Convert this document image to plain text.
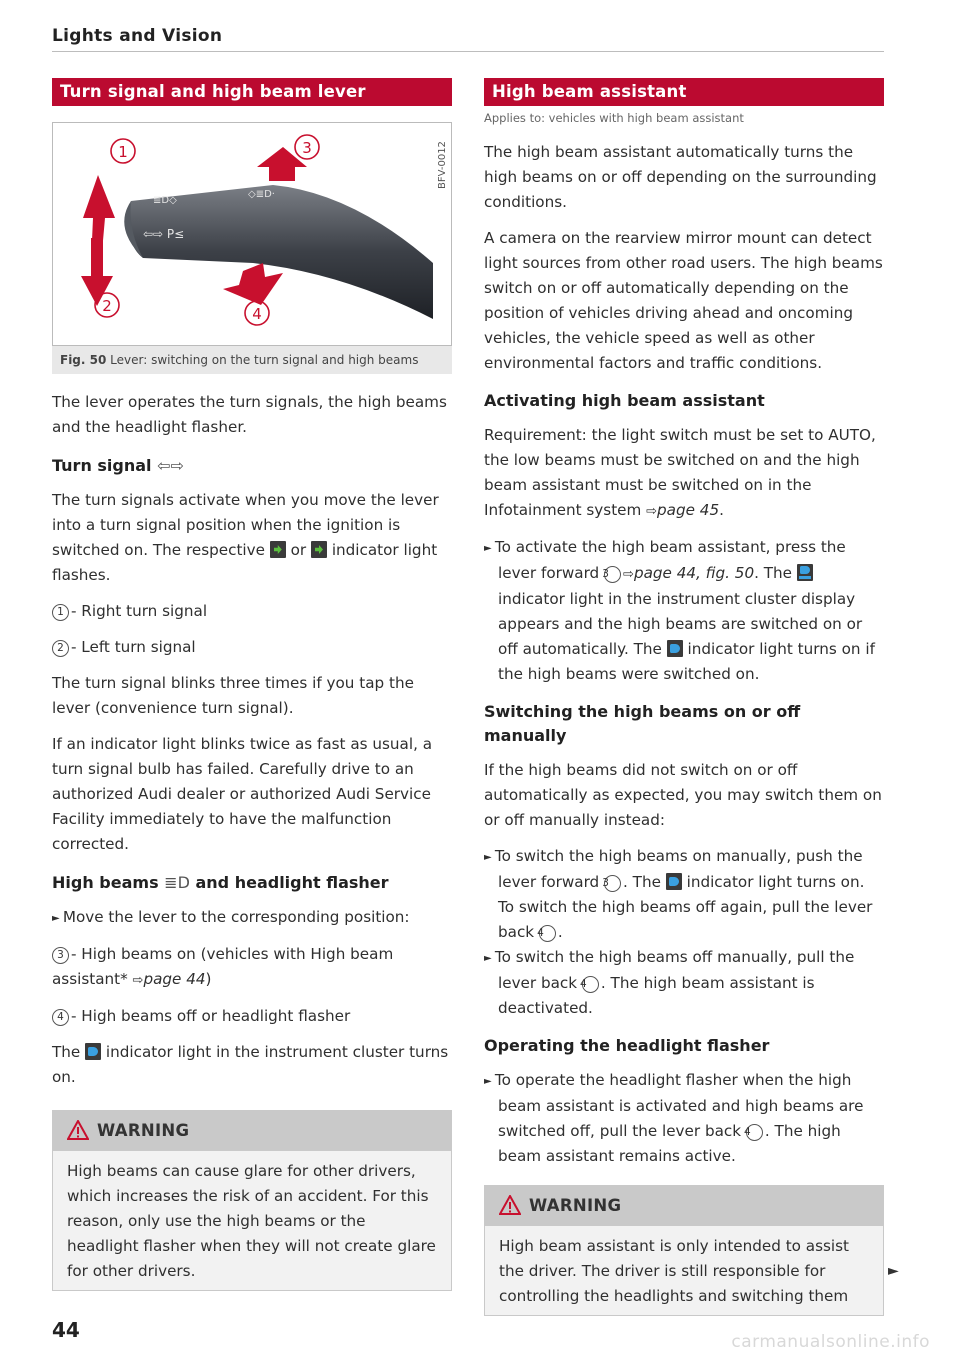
Lights and Vision
Turn signal and high beam lever
≣D◇
◇≣D·
⇦⇨ P≤
1
2
3
4
BFV-0012
Fig. 50 Lever: switching on the turn signal and high beams

The lever operates the turn signals, the high beams and the headlight flasher.

Turn signal ⇦⇨

The turn signals activate when you move the lever into a turn signal position when the ignition is switched on. The respective or indicator light flashes.

1 - Right turn signal

2 - Left turn signal

The turn signal blinks three times if you tap the lever (convenience turn signal).

If an indicator light blinks twice as fast as usual, a turn signal bulb has failed. Carefully drive to an authorized Audi dealer or authorized Audi Service Facility immediately to have the malfunction corrected.

High beams ≣D and headlight flasher

► Move the lever to the corresponding position:

3 - High beams on (vehicles with High beam assistant* ⇨page 44)

4 - High beams off or headlight flasher

The indicator light in the instrument cluster turns on.

WARNING

High beams can cause glare for other drivers, which increases the risk of an accident. For this reason, only use the high beams or the headlight flasher when they will not create glare for other drivers.

High beam assistant
Applies to: vehicles with high beam assistant

The high beam assistant automatically turns the high beams on or off depending on the surrounding conditions.

A camera on the rearview mirror mount can detect light sources from other road users. The high beams switch on or off automatically depending on the position of vehicles driving ahead and oncoming vehicles, the vehicle speed as well as other environmental factors and traffic conditions.

Activating high beam assistant

Requirement: the light switch must be set to AUTO, the low beams must be switched on and the high beam assistant must be switched on in the Infotainment system ⇨page 45.

► To activate the high beam assistant, press the lever forward 3 ⇨page 44, fig. 50. The  indicator light in the instrument cluster display appears and the high beams are switched on or off automatically. The indicator light turns on if the high beams were switched on.

Switching the high beams on or off manually

If the high beams did not switch on or off automatically as expected, you may switch them on or off manually instead:

► To switch the high beams on manually, push the lever forward 3 . The indicator light turns on. To switch the high beams off again, pull the lever back 4 .

► To switch the high beams off manually, pull the lever back 4 . The high beam assistant is deactivated.

Operating the headlight flasher

► To operate the headlight flasher when the high beam assistant is activated and high beams are switched off, pull the lever back 4 . The high beam assistant remains active.

WARNING

High beam assistant is only intended to assist the driver. The driver is still responsible for controlling the headlights and switching them

►
44	carmanualsonline.info
